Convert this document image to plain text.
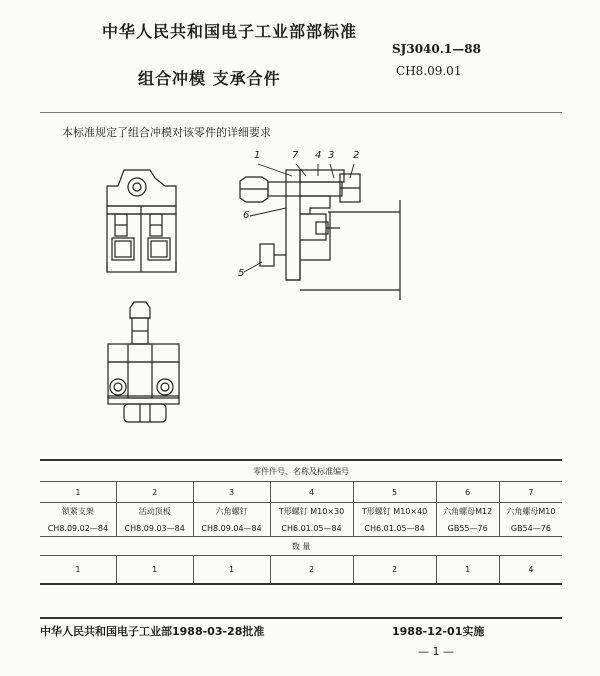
中华人民共和国电子工业部部标准
SJ3040.1—88
组合冲模 支承合件	CH8.09.01
本标准规定了组合冲模对该零件的详细要求
1	7 4 3 2
6
5
零件件号、名称及标准编号						
1	2	3	4	5	6	7
锁紧支架	活动顶板	六角螺钉	T形螺钉 M10×30	T形螺钉 M10×40	六角螺母M12	六角螺母M10
CH8.09.02—84	CH8.09.03—84	CH8.09.04—84	CH6.01.05—84	CH6.01.05—84	GB55—76	GB54—76
数 量						
1	1	1	2	2	1	4
中华人民共和国电子工业部1988-03-28批准	1988-12-01实施
— 1 —
